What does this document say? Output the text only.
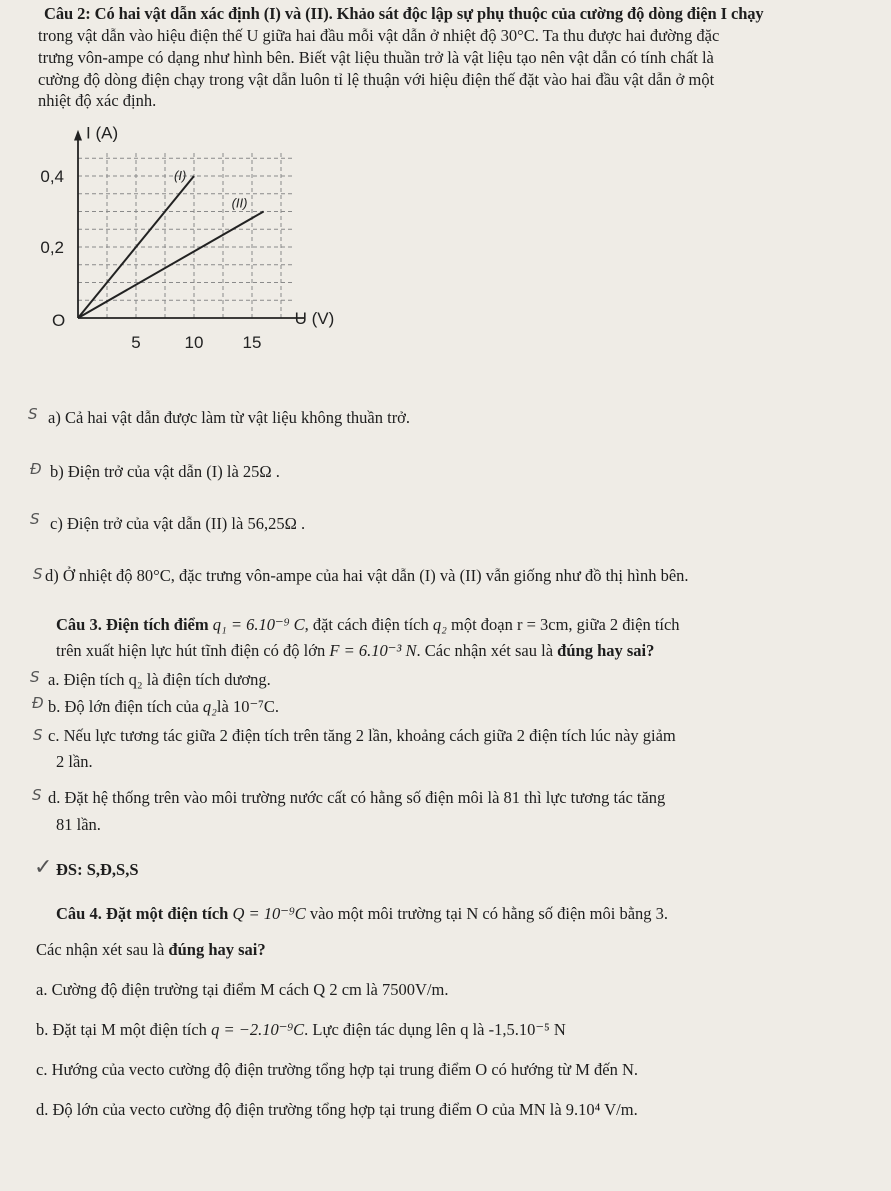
Câu 2: Có hai vật dẫn xác định (I) và (II). Khảo sát độc lập sự phụ thuộc của cường độ dòng điện I chạy
trong vật dẫn vào hiệu điện thế U giữa hai đầu mỗi vật dẫn ở nhiệt độ 30°C. Ta thu được hai đường đặc
trưng vôn-ampe có dạng như hình bên. Biết vật liệu thuần trở là vật liệu tạo nên vật dẫn có tính chất là
cường độ dòng điện chạy trong vật dẫn luôn tỉ lệ thuận với hiệu điện thế đặt vào hai đầu vật dẫn ở một
nhiệt độ xác định.
I (A)
U (V)
O
5	10 15
0,2
0,4	(I)
(II)
S a) Cả hai vật dẫn được làm từ vật liệu không thuần trở.
Đ b) Điện trở của vật dẫn (I) là 25Ω .
S c) Điện trở của vật dẫn (II) là 56,25Ω .
S d) Ở nhiệt độ 80°C, đặc trưng vôn-ampe của hai vật dẫn (I) và (II) vẫn giống như đồ thị hình bên.
Câu 3. Điện tích điểm q₁ = 6.10⁻⁹ C, đặt cách điện tích q₂ một đoạn r = 3cm, giữa 2 điện tích
trên xuất hiện lực hút tĩnh điện có độ lớn F = 6.10⁻³ N. Các nhận xét sau là đúng hay sai?
S a. Điện tích q₂ là điện tích dương.
Đ b. Độ lớn điện tích của q₂là 10⁻⁷C.
S c. Nếu lực tương tác giữa 2 điện tích trên tăng 2 lần, khoảng cách giữa 2 điện tích lúc này giảm
2 lần.
S d. Đặt hệ thống trên vào môi trường nước cất có hằng số điện môi là 81 thì lực tương tác tăng
81 lần.
✓ ĐS: S,Đ,S,S
Câu 4. Đặt một điện tích Q = 10⁻⁹C vào một môi trường tại N có hằng số điện môi bằng 3.
Các nhận xét sau là đúng hay sai?
a. Cường độ điện trường tại điểm M cách Q 2 cm là 7500V/m.
b. Đặt tại M một điện tích q = −2.10⁻⁹C. Lực điện tác dụng lên q là -1,5.10⁻⁵ N
c. Hướng của vecto cường độ điện trường tổng hợp tại trung điểm O có hướng từ M đến N.
d. Độ lớn của vecto cường độ điện trường tổng hợp tại trung điểm O của MN là 9.10⁴ V/m.
